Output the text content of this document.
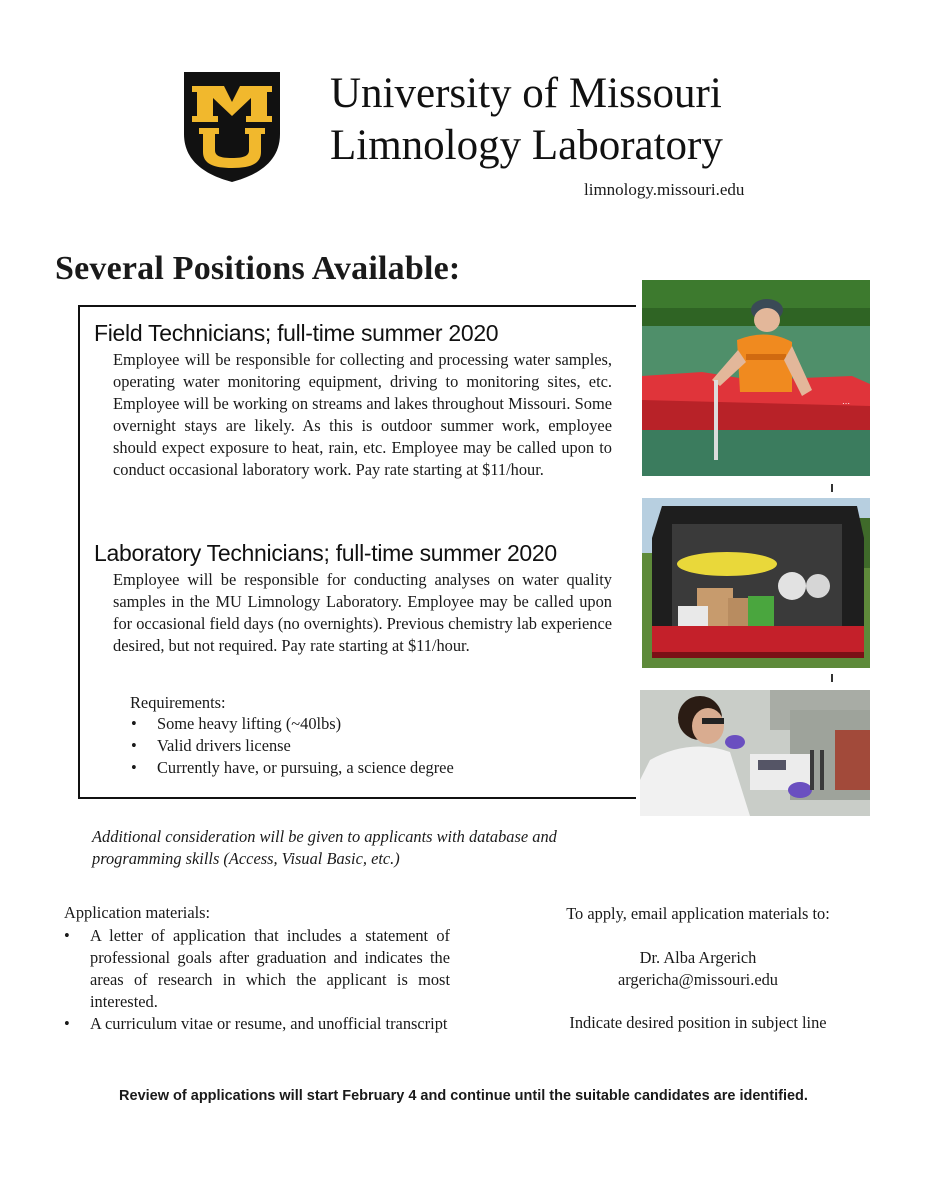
University of Missouri
Limnology Laboratory
limnology.missouri.edu
Several Positions Available:
Field Technicians; full-time summer 2020
Employee will be responsible for collecting and processing water samples, operating water monitoring equipment, driving to monitoring sites, etc. Employee will be working on streams and lakes throughout Missouri. Some overnight stays are likely. As this is outdoor summer work, employee should expect exposure to heat, rain, etc. Employee may be called upon to conduct occasional laboratory work. Pay rate starting at $11/hour.
Laboratory Technicians; full-time summer 2020
Employee will be responsible for conducting analyses on water quality samples in the MU Limnology Laboratory. Employee may be called upon for occasional field days (no overnights). Previous chemistry lab experience desired, but not required. Pay rate starting at $11/hour.
Requirements:
• Some heavy lifting (~40lbs)
• Valid drivers license
• Currently have, or pursuing, a science degree
⋯
Additional consideration will be given to applicants with database and programming skills (Access, Visual Basic, etc.)
Application materials:
• A letter of application that includes a statement of professional goals after graduation and indicates the areas of research in which the applicant is most interested.
• A curriculum vitae or resume, and unofficial transcript
To apply, email application materials to:
Dr. Alba Argerich
argericha@missouri.edu
Indicate desired position in subject line
Review of applications will start February 4 and continue until the suitable candidates are identified.
